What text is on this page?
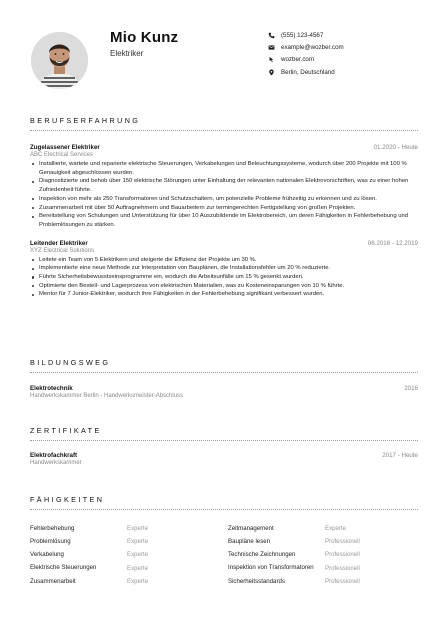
Mio Kunz
Elektriker
(555) 123-4567
example@wozber.com
wozber.com
Berlin, Deutschland
BERUFSERFAHRUNG
Zugelassener Elektriker	01.2020 - Heute
ABC Electrical Services
Installierte, wartete und reparierte elektrische Steuerungen, Verkabelungen und Beleuchtungssysteme, wodurch über 200 Projekte mit 100 % Genauigkeit abgeschlossen wurden.
Diagnostizierte und behob über 150 elektrische Störungen unter Einhaltung der relevanten nationalen Elektrovorschriften, was zu einer hohen Zufriedenheit führte.
Inspektion von mehr als 250 Transformatoren und Schutzschaltern, um potenzielle Probleme frühzeitig zu erkennen und zu lösen.
Zusammenarbeit mit über 50 Auftragnehmern und Bauarbeitern zur termingerechten Fertigstellung von großen Projekten.
Bereitstellung von Schulungen und Unterstützung für über 10 Auszubildende im Elektrobereich, um deren Fähigkeiten in Fehlerbehebung und Problemlösungen zu stärken.
Leitender Elektriker	06.2016 - 12.2019
XYZ Electrical Solutions
Leitete ein Team von 5 Elektrikern und steigerte die Effizienz der Projekte um 30 %.
Implementierte eine neue Methode zur Interpretation von Bauplänen, die Installationsfehler um 20 % reduzierte.
Führte Sicherheitsbewusstseinsprogramme ein, wodurch die Arbeitsunfälle um 15 % gesenkt wurden.
Optimierte den Bestell- und Lagerprozess von elektrischen Materialien, was zu Kosteneinsparungen von 10 % führte.
Mentor für 7 Junior-Elektriker, wodurch ihre Fähigkeiten in der Fehlerbehebung signifikant verbessert wurden.
BILDUNGSWEG
Elektrotechnik	2016
Handwerkskammer Berlin - Handwerksmeister-Abschluss
ZERTIFIKATE
Elektrofachkraft	2017 - Heute
Handwerkskammer
FÄHIGKEITEN
Fehlerbehebung	Experte
Problemlösung	Experte
Verkabelung	Experte
Elektrische Steuerungen	Experte
Zusammenarbeit	Experte
Zeitmanagement	Experte
Baupläne lesen	Professionell
Technische Zeichnungen	Professionell
Inspektion von Transformatoren	Professionell
Sicherheitsstandards	Professionell
